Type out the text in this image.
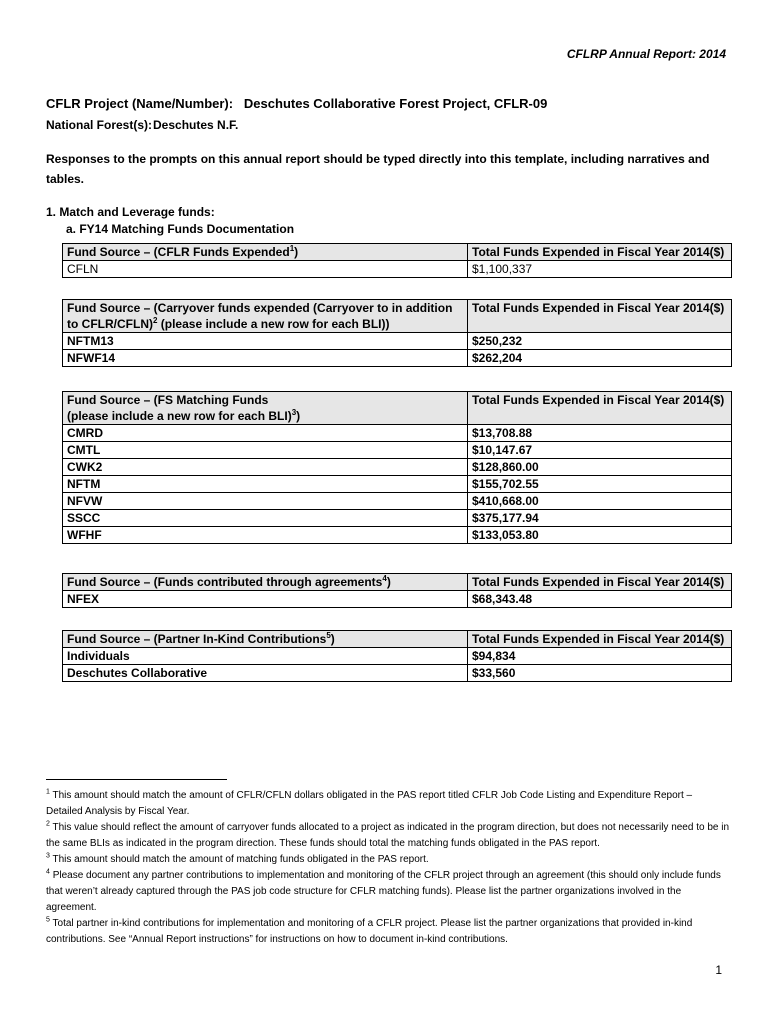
CFLRP Annual Report: 2014
CFLR Project (Name/Number): Deschutes Collaborative Forest Project, CFLR-09
National Forest(s):Deschutes N.F.
Responses to the prompts on this annual report should be typed directly into this template, including narratives and tables.
1. Match and Leverage funds:
a. FY14 Matching Funds Documentation
Fund Source – (CFLR Funds Expended$^1$)	Total Funds Expended in Fiscal Year 2014($)
CFLN	$1,100,337
Fund Source – (Carryover funds expended (Carryover to in addition to CFLR/CFLN)$^2$ (please include a new row for each BLI))	Total Funds Expended in Fiscal Year 2014($)
NFTM13	$250,232
NFWF14	$262,204
Fund Source – (FS Matching Funds
(please include a new row for each BLI)$^3$)	Total Funds Expended in Fiscal Year 2014($)
CMRD	$13,708.88
CMTL	$10,147.67
CWK2	$128,860.00
NFTM	$155,702.55
NFVW	$410,668.00
SSCC	$375,177.94
WFHF	$133,053.80
Fund Source – (Funds contributed through agreements$^4$)	Total Funds Expended in Fiscal Year 2014($)
NFEX	$68,343.48
Fund Source – (Partner In-Kind Contributions$^5$)	Total Funds Expended in Fiscal Year 2014($)
Individuals	$94,834
Deschutes Collaborative	$33,560

$^1$ This amount should match the amount of CFLR/CFLN dollars obligated in the PAS report titled CFLR Job Code Listing and Expenditure Report – Detailed Analysis by Fiscal Year.

$^2$ This value should reflect the amount of carryover funds allocated to a project as indicated in the program direction, but does not necessarily need to be in the same BLIs as indicated in the program direction. These funds should total the matching funds obligated in the PAS report.

$^3$ This amount should match the amount of matching funds obligated in the PAS report.

$^4$ Please document any partner contributions to implementation and monitoring of the CFLR project through an agreement (this should only include funds that weren’t already captured through the PAS job code structure for CFLR matching funds). Please list the partner organizations involved in the agreement.

$^5$ Total partner in-kind contributions for implementation and monitoring of a CFLR project. Please list the partner organizations that provided in-kind contributions. See “Annual Report instructions” for instructions on how to document in-kind contributions.

1
